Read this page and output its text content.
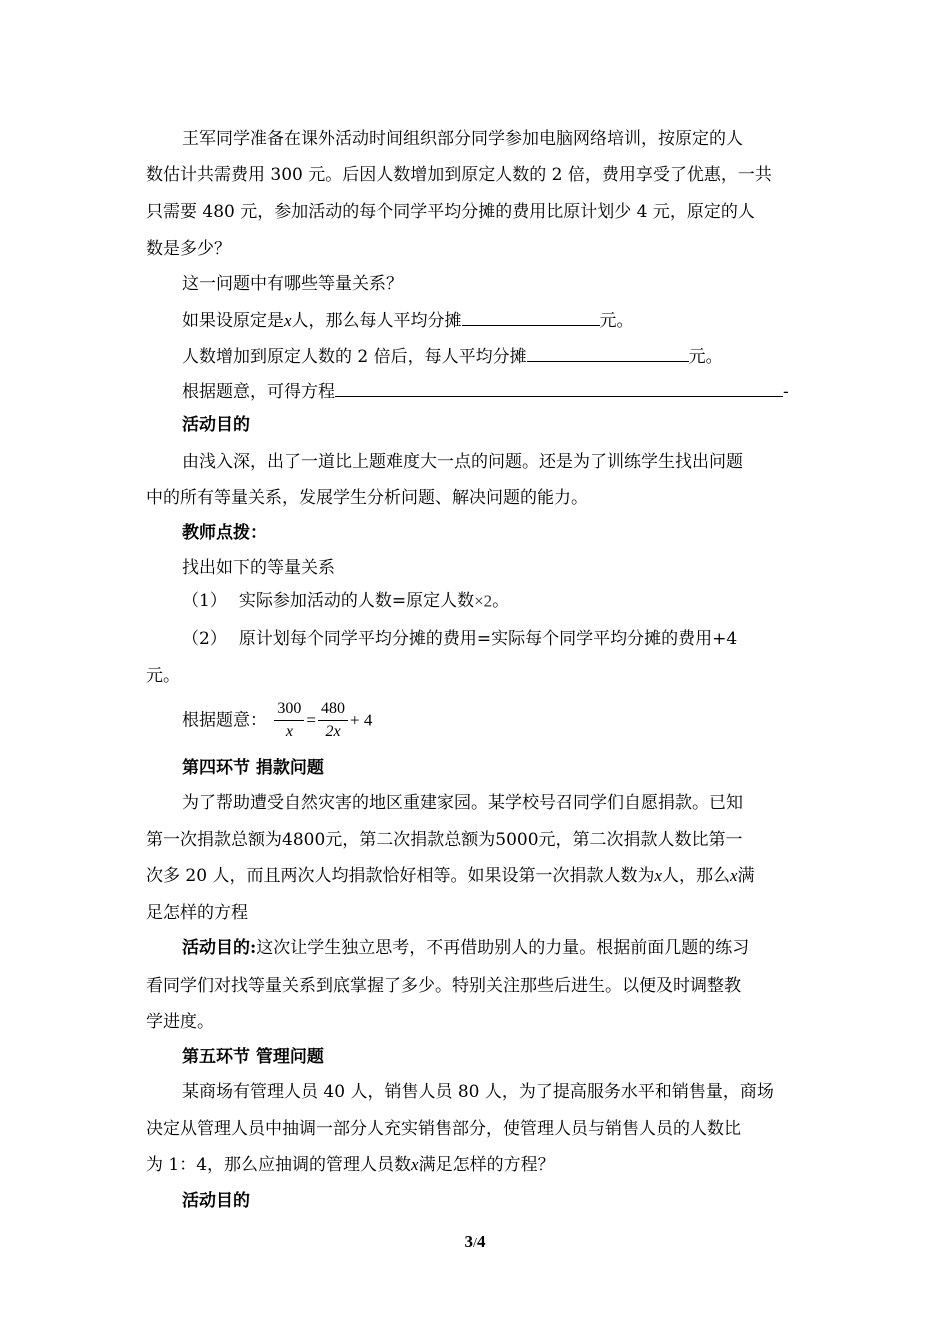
王军同学准备在课外活动时间组织部分同学参加电脑网络培训，按原定的人
数估计共需费用 300 元。后因人数增加到原定人数的 2 倍，费用享受了优惠，一共
只需要 480 元，参加活动的每个同学平均分摊的费用比原计划少 4 元，原定的人
数是多少？
这一问题中有哪些等量关系？
如果设原定是x人，那么每人平均分摊	元。
人数增加到原定人数的 2 倍后，每人平均分摊	元。
根据题意，可得方程	-
活动目的
由浅入深，出了一道比上题难度大一点的问题。还是为了训练学生找出问题
中的所有等量关系，发展学生分析问题、解决问题的能力。
教师点拨：
找出如下的等量关系
（1） 实际参加活动的人数=原定人数×2。
（2） 原计划每个同学平均分摊的费用=实际每个同学平均分摊的费用+4
元。
根据题意： $\frac{300}{x} = \frac{480}{2x} + 4$
第四环节 捐款问题
为了帮助遭受自然灾害的地区重建家园。某学校号召同学们自愿捐款。已知
第一次捐款总额为4800元，第二次捐款总额为5000元，第二次捐款人数比第一
次多 20 人，而且两次人均捐款恰好相等。如果设第一次捐款人数为x人，那么x满
足怎样的方程
活动目的:这次让学生独立思考，不再借助别人的力量。根据前面几题的练习
看同学们对找等量关系到底掌握了多少。特别关注那些后进生。以便及时调整教
学进度。
第五环节 管理问题
某商场有管理人员 40 人，销售人员 80 人，为了提高服务水平和销售量，商场
决定从管理人员中抽调一部分人充实销售部分，使管理人员与销售人员的人数比
为 1：4，那么应抽调的管理人员数x满足怎样的方程？
活动目的
3/4
